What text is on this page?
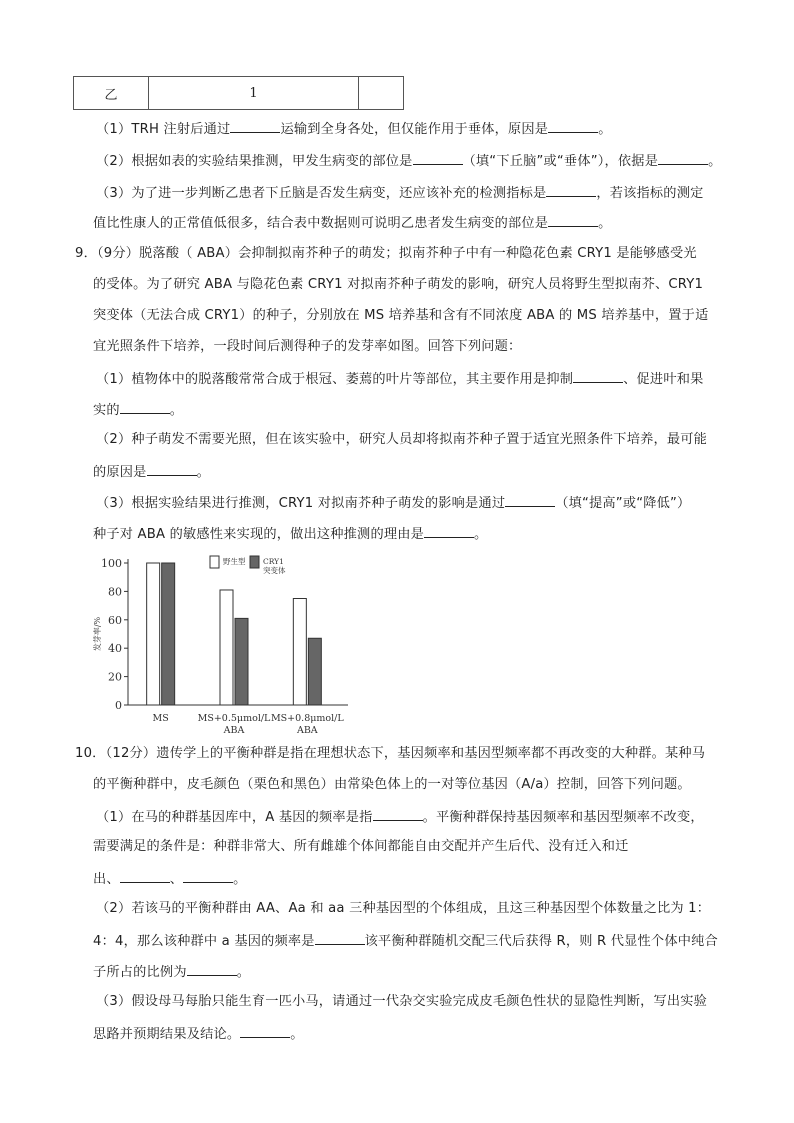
乙	1	
（1）TRH 注射后通过	运输到全身各处，但仅能作用于垂体，原因是	。
（2）根据如表的实验结果推测，甲发生病变的部位是	（填“下丘脑”或“垂体”），依据是	。
（3）为了进一步判断乙患者下丘脑是否发生病变，还应该补充的检测指标是	，若该指标的测定
值比性康人的正常值低很多，结合表中数据则可说明乙患者发生病变的部位是	。
9．（9分）脱落酸（ ABA）会抑制拟南芥种子的萌发；拟南芥种子中有一种隐花色素 CRY1 是能够感受光
的受体。为了研究 ABA 与隐花色素 CRY1 对拟南芥种子萌发的影响，研究人员将野生型拟南芥、CRY1
突变体（无法合成 CRY1）的种子，分别放在 MS 培养基和含有不同浓度 ABA 的 MS 培养基中，置于适
宜光照条件下培养，一段时间后测得种子的发芽率如图。回答下列问题：
（1）植物体中的脱落酸常常合成于根冠、萎蔫的叶片等部位，其主要作用是抑制	、促进叶和果
实的	。
（2）种子萌发不需要光照，但在该实验中，研究人员却将拟南芥种子置于适宜光照条件下培养，最可能
的原因是	。
（3）根据实验结果进行推测，CRY1 对拟南芥种子萌发的影响是通过	（填“提高”或“降低”）
种子对 ABA 的敏感性来实现的，做出这种推测的理由是	。
0
20
40
60
80
100
发芽率/%
MS	MS+0.5μmol/L
ABA
MS+0.8μmol/L
ABA
野生型 CRY1
突变体
10．（12分）遗传学上的平衡种群是指在理想状态下，基因频率和基因型频率都不再改变的大种群。某种马
的平衡种群中，皮毛颜色（栗色和黑色）由常染色体上的一对等位基因（A/a）控制，回答下列问题。
（1）在马的种群基因库中，A 基因的频率是指	。平衡种群保持基因频率和基因型频率不改变，
需要满足的条件是：种群非常大、所有雌雄个体间都能自由交配并产生后代、没有迁入和迁
出、	、	。
（2）若该马的平衡种群由 AA、Aa 和 aa 三种基因型的个体组成，且这三种基因型个体数量之比为 1：
4：4，那么该种群中 a 基因的频率是	该平衡种群随机交配三代后获得 R，则 R 代显性个体中纯合
子所占的比例为	。
（3）假设母马每胎只能生育一匹小马，请通过一代杂交实验完成皮毛颜色性状的显隐性判断，写出实验
思路并预期结果及结论。	。
